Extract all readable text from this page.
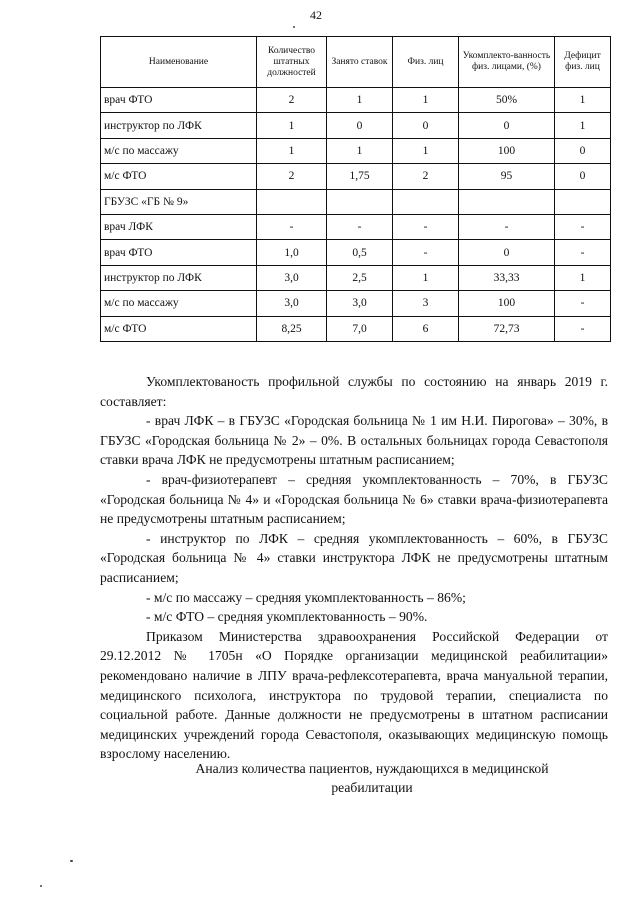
42
Наименование	Количество штатных должностей	Занято ставок	Физ. лиц	Укомплекто-ванность физ. лицами, (%)	Дефицит физ. лиц
врач ФТО	2	1	1	50%	1
инструктор по ЛФК	1	0	0	0	1
м/с по массажу	1	1	1	100	0
м/с ФТО	2	1,75	2	95	0
ГБУЗС «ГБ № 9»					
врач ЛФК	-	-	-	-	-
врач ФТО	1,0	0,5	-	0	-
инструктор по ЛФК	3,0	2,5	1	33,33	1
м/с по массажу	3,0	3,0	3	100	-
м/с ФТО	8,25	7,0	6	72,73	-

Укомплектованость профильной службы по состоянию на январь 2019 г. составляет:

- врач ЛФК – в ГБУЗС «Городская больница № 1 им Н.И. Пирогова» – 30%, в ГБУЗС «Городская больница № 2» – 0%. В остальных больницах города Севастополя ставки врача ЛФК не предусмотрены штатным расписанием;

- врач-физиотерапевт – средняя укомплектованность – 70%, в ГБУЗС «Городская больница № 4» и «Городская больница № 6» ставки врача-физиотерапевта не предусмотрены штатным расписанием;

- инструктор по ЛФК – средняя укомплектованность – 60%, в ГБУЗС «Городская больница № 4» ставки инструктора ЛФК не предусмотрены штатным расписанием;

- м/с по массажу – средняя укомплектованность – 86%;

- м/с ФТО – средняя укомплектованность – 90%.

Приказом Министерства здравоохранения Российской Федерации от 29.12.2012 № 1705н «О Порядке организации медицинской реабилитации» рекомендовано наличие в ЛПУ врача-рефлексотерапевта, врача мануальной терапии, медицинского психолога, инструктора по трудовой терапии, специалиста по социальной работе. Данные должности не предусмотрены в штатном расписании медицинских учреждений города Севастополя, оказывающих медицинскую помощь взрослому населению.

Анализ количества пациентов, нуждающихся в медицинской реабилитации
